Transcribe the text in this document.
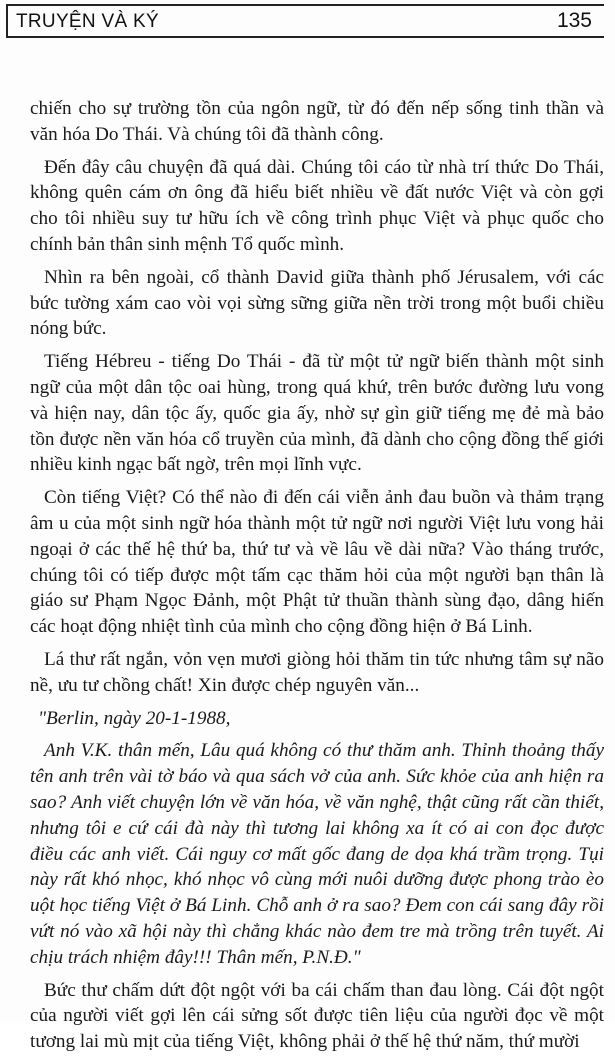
TRUYỆN VÀ KÝ	135

chiến cho sự trường tồn của ngôn ngữ, từ đó đến nếp sống tinh thần và văn hóa Do Thái. Và chúng tôi đã thành công.

Đến đây câu chuyện đã quá dài. Chúng tôi cáo từ nhà trí thức Do Thái, không quên cám ơn ông đã hiểu biết nhiều về đất nước Việt và còn gợi cho tôi nhiều suy tư hữu ích về công trình phục Việt và phục quốc cho chính bản thân sinh mệnh Tổ quốc mình.

Nhìn ra bên ngoài, cổ thành David giữa thành phố Jérusalem, với các bức tường xám cao vòi vọi sừng sững giữa nền trời trong một buổi chiều nóng bức.

Tiếng Hébreu - tiếng Do Thái - đã từ một tử ngữ biến thành một sinh ngữ của một dân tộc oai hùng, trong quá khứ, trên bước đường lưu vong và hiện nay, dân tộc ấy, quốc gia ấy, nhờ sự gìn giữ tiếng mẹ đẻ mà bảo tồn được nền văn hóa cổ truyền của mình, đã dành cho cộng đồng thế giới nhiều kinh ngạc bất ngờ, trên mọi lĩnh vực.

Còn tiếng Việt? Có thể nào đi đến cái viễn ảnh đau buồn và thảm trạng âm u của một sinh ngữ hóa thành một tử ngữ nơi người Việt lưu vong hải ngoại ở các thế hệ thứ ba, thứ tư và về lâu về dài nữa? Vào tháng trước, chúng tôi có tiếp được một tấm cạc thăm hỏi của một người bạn thân là giáo sư Phạm Ngọc Đảnh, một Phật tử thuần thành sùng đạo, dâng hiến các hoạt động nhiệt tình của mình cho cộng đồng hiện ở Bá Linh.

Lá thư rất ngắn, vỏn vẹn mươi giòng hỏi thăm tin tức nhưng tâm sự não nề, ưu tư chồng chất! Xin được chép nguyên văn...

"Berlin, ngày 20-1-1988,

Anh V.K. thân mến, Lâu quá không có thư thăm anh. Thỉnh thoảng thấy tên anh trên vài tờ báo và qua sách vở của anh. Sức khỏe của anh hiện ra sao? Anh viết chuyện lớn về văn hóa, về văn nghệ, thật cũng rất cần thiết, nhưng tôi e cứ cái đà này thì tương lai không xa ít có ai con đọc được điều các anh viết. Cái nguy cơ mất gốc đang de dọa khá trầm trọng. Tụi này rất khó nhọc, khó nhọc vô cùng mới nuôi dưỡng được phong trào èo uột học tiếng Việt ở Bá Linh. Chỗ anh ở ra sao? Đem con cái sang đây rồi vứt nó vào xã hội này thì chẳng khác nào đem tre mà trồng trên tuyết. Ai chịu trách nhiệm đây!!! Thân mến, P.N.Đ."

Bức thư chấm dứt đột ngột với ba cái chấm than đau lòng. Cái đột ngột của người viết gợi lên cái sửng sốt được tiên liệu của người đọc về một tương lai mù mịt của tiếng Việt, không phải ở thế hệ thứ năm, thứ mười
